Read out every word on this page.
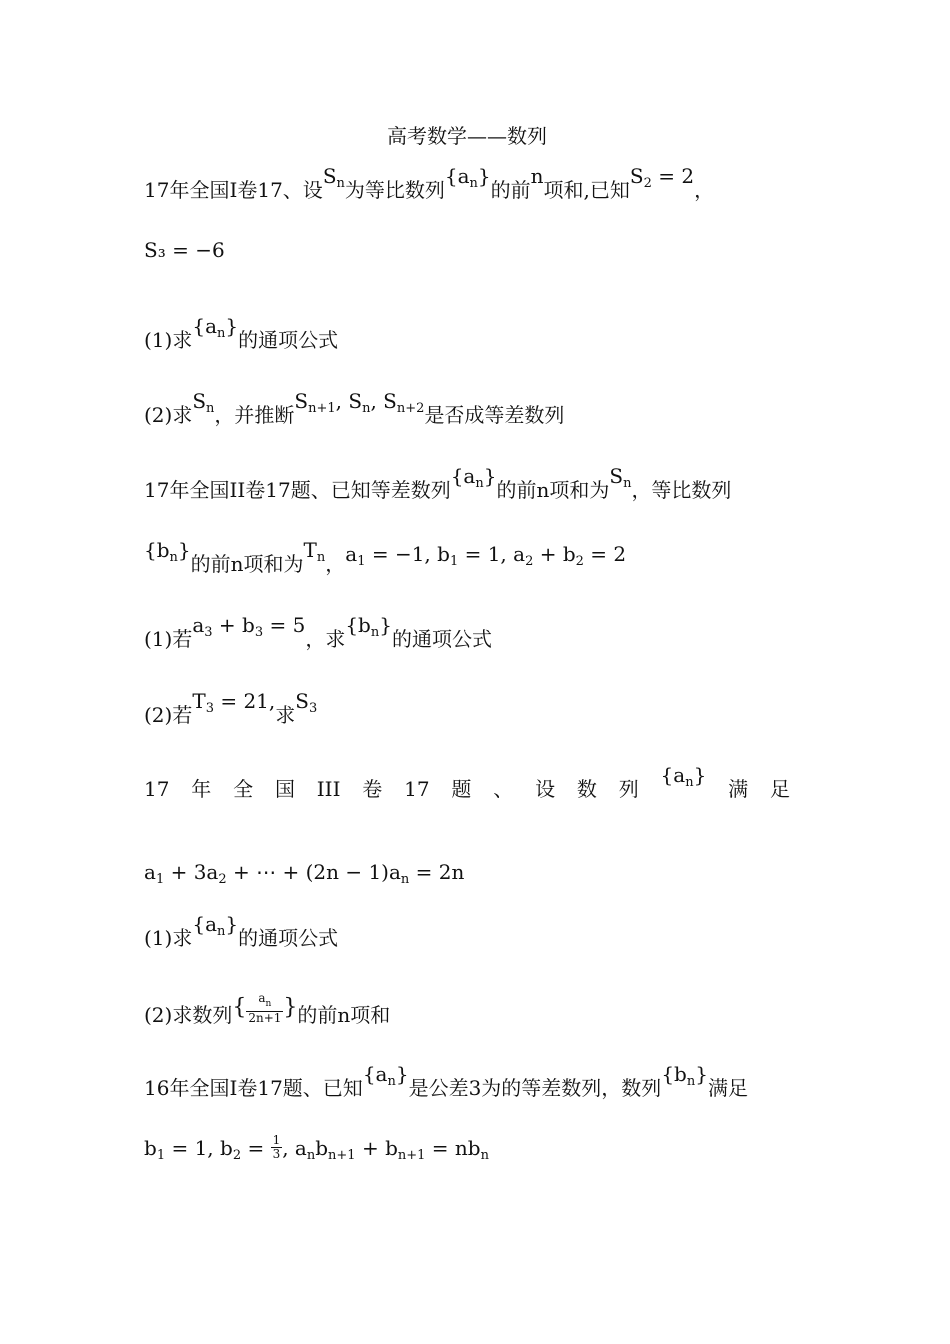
高考数学——数列
17年全国I卷17、设$S_n$为等比数列$\{a_n\}$的前n项和,已知$S_2 = 2$，
S₃ = −6
(1)求$\{a_n\}$的通项公式
(2)求$S_n$，并推断$S_{n+1}$, $S_n$, $S_{n+2}$是否成等差数列
17年全国II卷17题、已知等差数列$\{a_n\}$的前n项和为$S_n$，等比数列
$\{b_n\}$的前n项和为$T_n$，$a_1 = -1$, $b_1 = 1$, $a_2 + b_2 = 2$
(1)若$a_3 + b_3 = 5$，求$\{b_n\}$的通项公式
(2)若$T_3 = 21$,求$S_3$
17 年 全 国 III 卷 17 题 、 设 数 列
$\{a_n\}$
满 足
$a_1 + 3a_2$ + ⋯ + $(2n - 1)a_n = 2n$
(1)求$\{a_n\}$的通项公式
(2)求数列{ $\frac{a_n}{2n+1}$ }的前n项和
16年全国I卷17题、已知$\{a_n\}$是公差3为的等差数列，数列$\{b_n\}$满足
$b_1 = 1$, $b_2 = \frac{1}{3}$ , $a_nb_{n+1} + b_{n+1} = nb_n$
